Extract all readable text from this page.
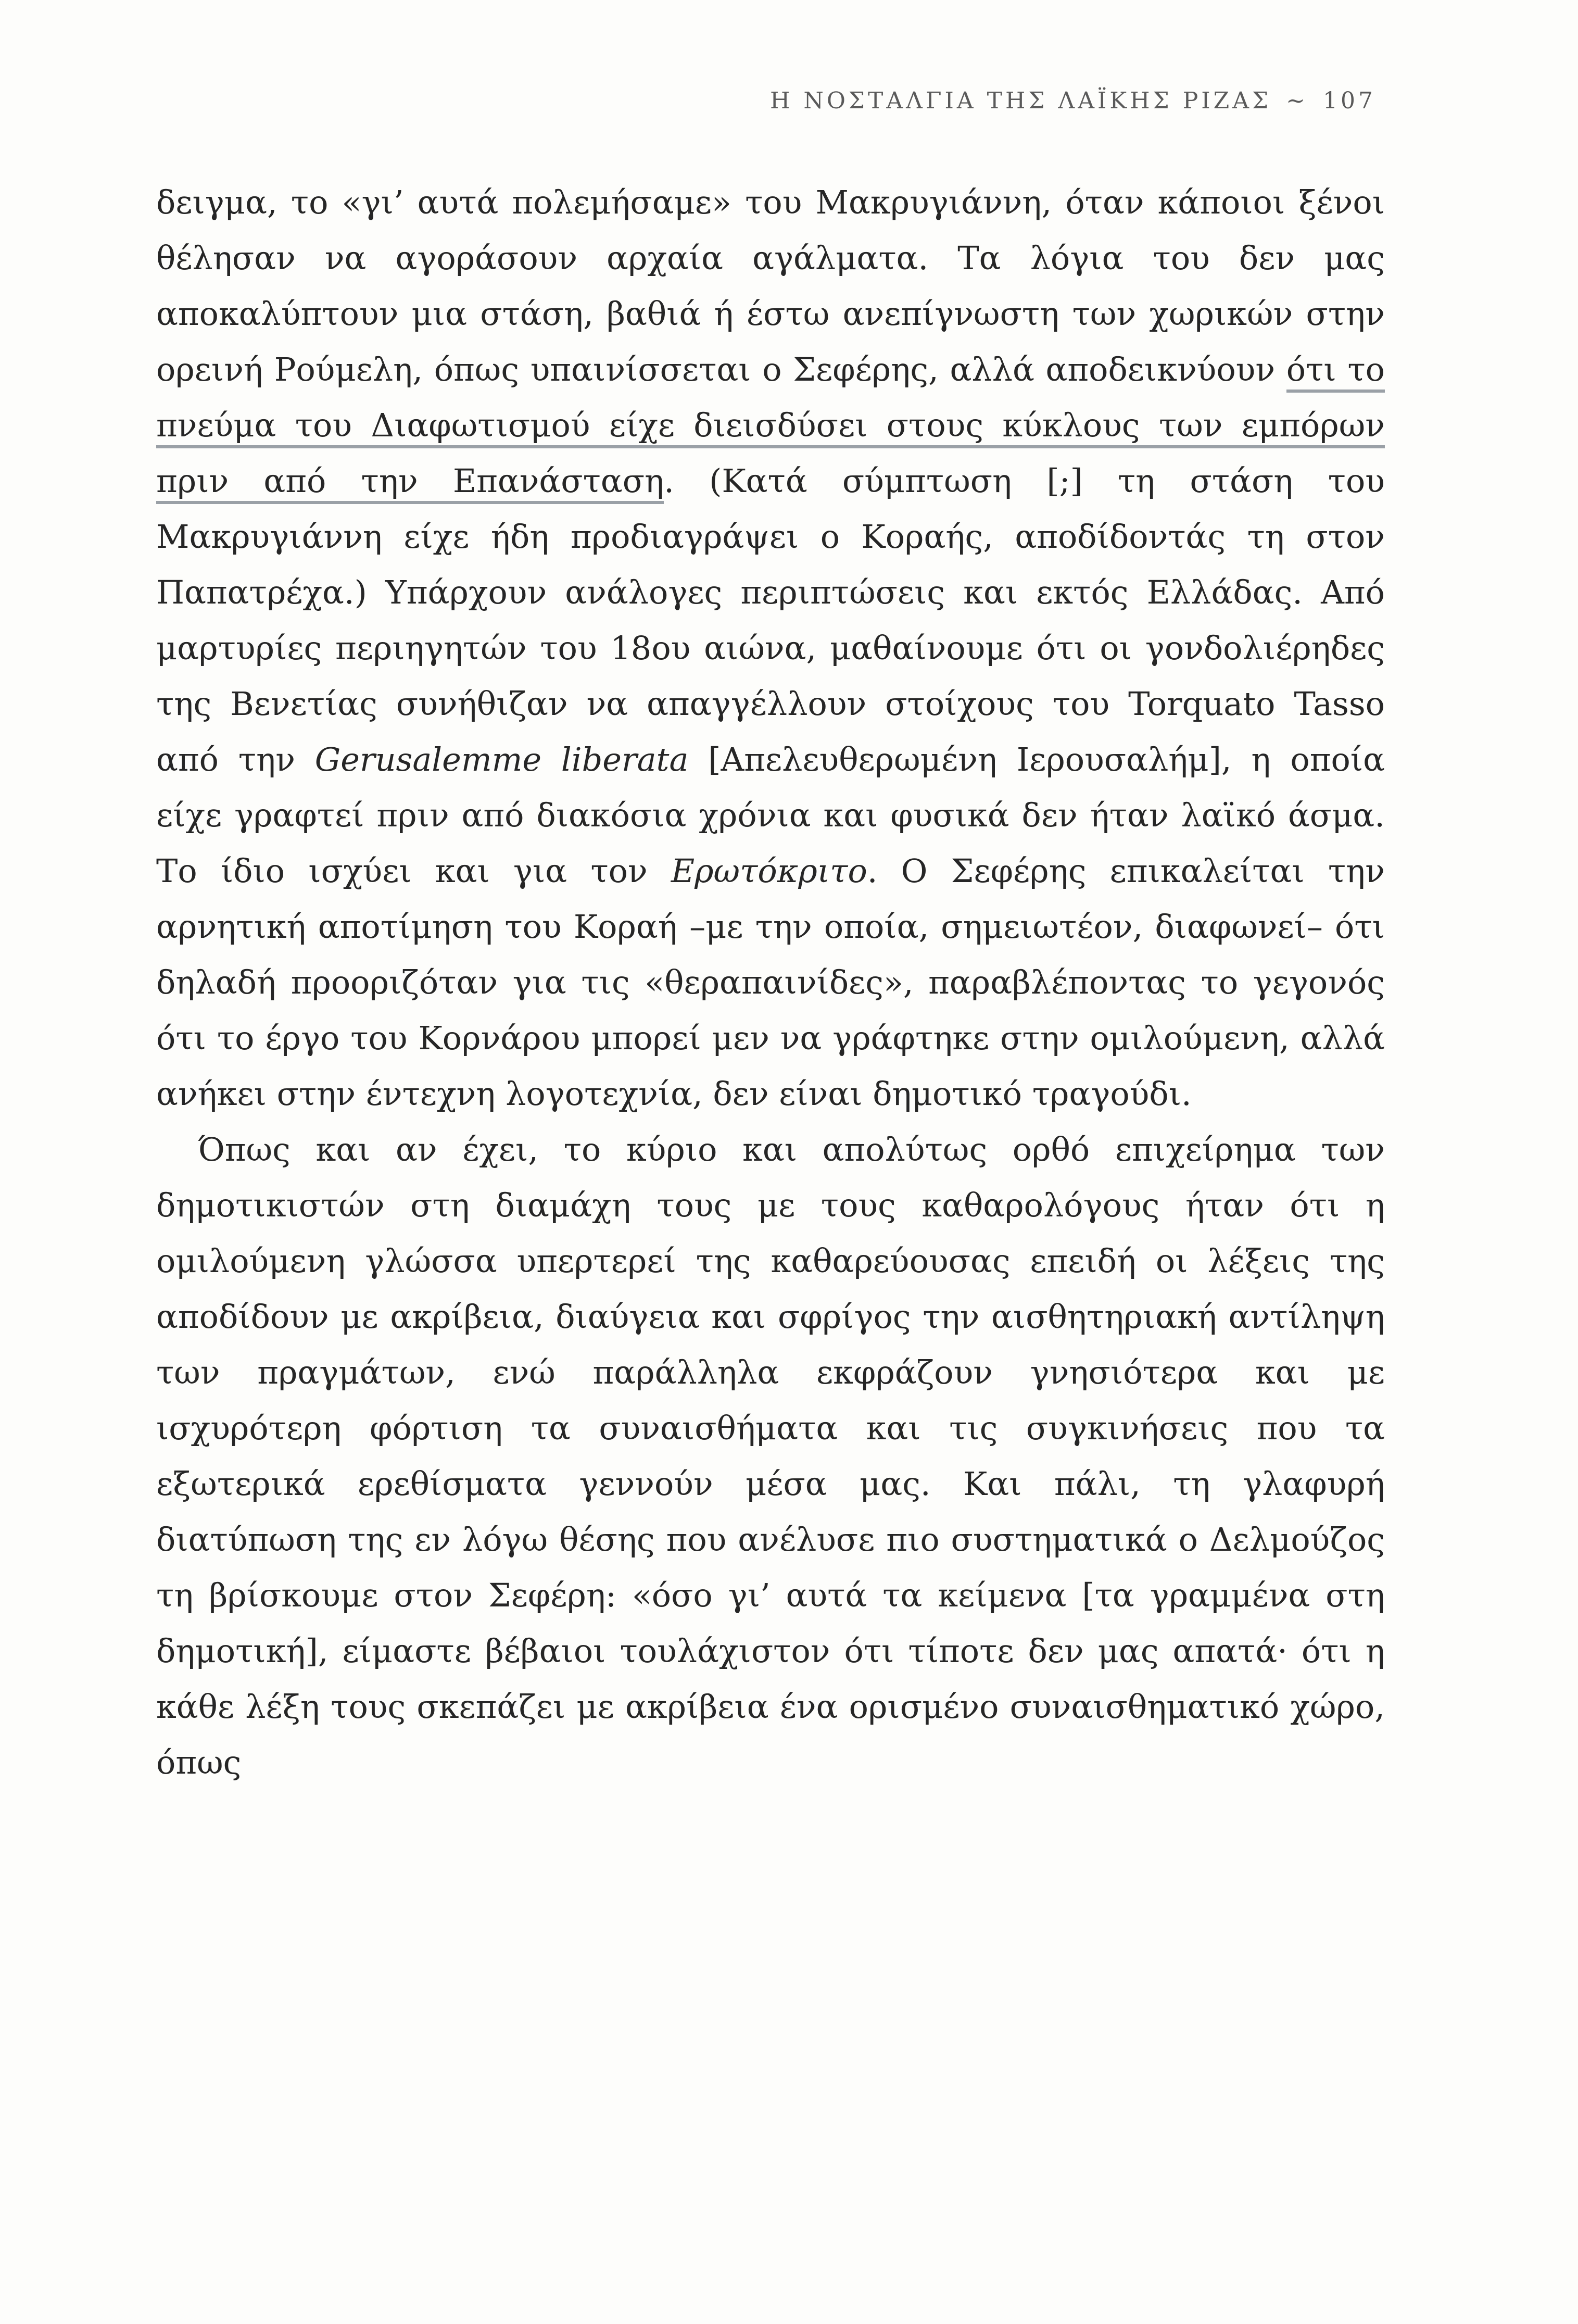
Η ΝΟΣΤΑΛΓΙΑ ΤΗΣ ΛΑΪΚΗΣ ΡΙΖΑΣ ~ 107

δειγμα, το «γι’ αυτά πολεμήσαμε» του Μακρυγιάννη, όταν κάποιοι ξένοι θέλησαν να αγοράσουν αρχαία αγάλματα. Τα λόγια του δεν μας αποκαλύπτουν μια στάση, βαθιά ή έστω ανεπίγνωστη των χωρικών στην ορεινή Ρούμελη, όπως υπαινίσσεται ο Σεφέρης, αλλά αποδεικνύουν ότι το πνεύμα του Διαφωτισμού είχε διεισδύσει στους κύκλους των εμπόρων πριν από την Επανάσταση. (Κατά σύμπτωση [;] τη στάση του Μακρυγιάννη είχε ήδη προδιαγράψει ο Κοραής, αποδίδοντάς τη στον Παπατρέχα.) Υπάρχουν ανάλογες περιπτώσεις και εκτός Ελλάδας. Από μαρτυρίες περιηγητών του 18ου αιώνα, μαθαίνουμε ότι οι γονδολιέρηδες της Βενετίας συνήθιζαν να απαγγέλλουν στοίχους του Torquato Tasso από την Gerusalemme liberata [Απελευθερωμένη Ιερουσαλήμ], η οποία είχε γραφτεί πριν από διακόσια χρόνια και φυσικά δεν ήταν λαϊκό άσμα. Το ίδιο ισχύει και για τον Ερωτόκριτο. Ο Σεφέρης επικαλείται την αρνητική αποτίμηση του Κοραή –με την οποία, σημειωτέον, διαφωνεί– ότι δηλαδή προοριζόταν για τις «θεραπαινίδες», παραβλέποντας το γεγονός ότι το έργο του Κορνάρου μπορεί μεν να γράφτηκε στην ομιλούμενη, αλλά ανήκει στην έντεχνη λογοτεχνία, δεν είναι δημοτικό τραγούδι.

Όπως και αν έχει, το κύριο και απολύτως ορθό επιχείρημα των δημοτικιστών στη διαμάχη τους με τους καθαρολόγους ήταν ότι η ομιλούμενη γλώσσα υπερτερεί της καθαρεύουσας επειδή οι λέξεις της αποδίδουν με ακρίβεια, διαύγεια και σφρίγος την αισθητηριακή αντίληψη των πραγμάτων, ενώ παράλληλα εκφράζουν γνησιότερα και με ισχυρότερη φόρτιση τα συναισθήματα και τις συγκινήσεις που τα εξωτερικά ερεθίσματα γεννούν μέσα μας. Και πάλι, τη γλαφυρή διατύπωση της εν λόγω θέσης που ανέλυσε πιο συστηματικά ο Δελμούζος τη βρίσκουμε στον Σεφέρη: «όσο γι’ αυτά τα κείμενα [τα γραμμένα στη δημοτική], είμαστε βέβαιοι τουλάχιστον ότι τίποτε δεν μας απατά· ότι η κάθε λέξη τους σκεπάζει με ακρίβεια ένα ορισμένο συναισθηματικό χώρο, όπως
